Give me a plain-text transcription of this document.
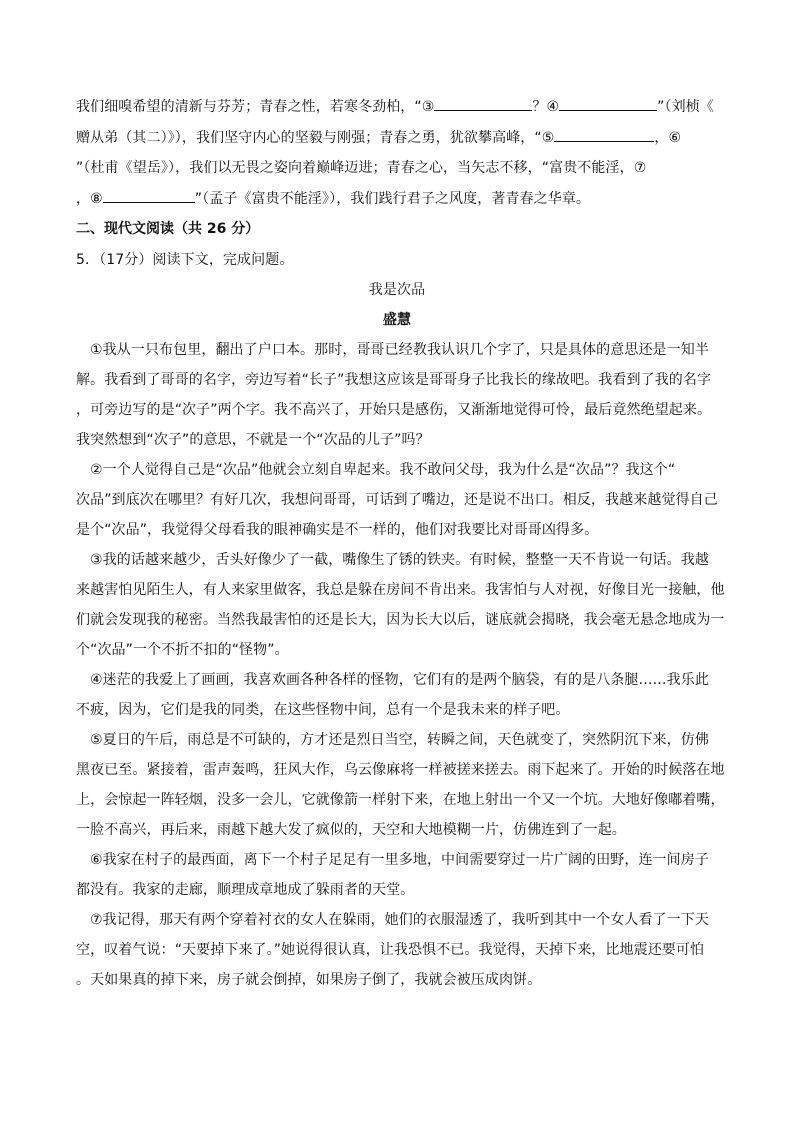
我们细嗅希望的清新与芬芳；青春之性，若寒冬劲柏，“③	？④	”（刘桢《
赠从弟（其二）》），我们坚守内心的坚毅与刚强；青春之勇，犹欲攀高峰，“⑤	，⑥
”（杜甫《望岳》），我们以无畏之姿向着巅峰迈进；青春之心，当矢志不移，“富贵不能淫，⑦
，⑧	”（孟子《富贵不能淫》），我们践行君子之风度，著青春之华章。
二、现代文阅读（共 26 分）
5．（17分）阅读下文，完成问题。
我是次品
盛慧
①我从一只布包里，翻出了户口本。那时，哥哥已经教我认识几个字了，只是具体的意思还是一知半
解。我看到了哥哥的名字，旁边写着“长子”我想这应该是哥哥身子比我长的缘故吧。我看到了我的名字
，可旁边写的是“次子”两个字。我不高兴了，开始只是感伤，又渐渐地觉得可怜，最后竟然绝望起来。
我突然想到“次子”的意思，不就是一个“次品的儿子”吗？
②一个人觉得自己是“次品”他就会立刻自卑起来。我不敢问父母，我为什么是“次品”？我这个“
次品”到底次在哪里？有好几次，我想问哥哥，可话到了嘴边，还是说不出口。相反，我越来越觉得自己
是个“次品”，我觉得父母看我的眼神确实是不一样的，他们对我要比对哥哥凶得多。
③我的话越来越少，舌头好像少了一截，嘴像生了锈的铁夹。有时候，整整一天不肯说一句话。我越
来越害怕见陌生人，有人来家里做客，我总是躲在房间不肯出来。我害怕与人对视，好像目光一接触，他
们就会发现我的秘密。当然我最害怕的还是长大，因为长大以后，谜底就会揭晓，我会毫无悬念地成为一
个“次品”一个不折不扣的“怪物”。
④迷茫的我爱上了画画，我喜欢画各种各样的怪物，它们有的是两个脑袋，有的是八条腿……我乐此
不疲，因为，它们是我的同类，在这些怪物中间，总有一个是我未来的样子吧。
⑤夏日的午后，雨总是不可缺的，方才还是烈日当空，转瞬之间，天色就变了，突然阴沉下来，仿佛
黑夜已至。紧接着，雷声轰鸣，狂风大作，乌云像麻将一样被搓来搓去。雨下起来了。开始的时候落在地
上，会惊起一阵轻烟，没多一会儿，它就像箭一样射下来，在地上射出一个又一个坑。大地好像嘟着嘴，
一脸不高兴，再后来，雨越下越大发了疯似的，天空和大地模糊一片，仿佛连到了一起。
⑥我家在村子的最西面，离下一个村子足足有一里多地，中间需要穿过一片广阔的田野，连一间房子
都没有。我家的走廊，顺理成章地成了躲雨者的天堂。
⑦我记得，那天有两个穿着衬衣的女人在躲雨，她们的衣服湿透了，我听到其中一个女人看了一下天
空，叹着气说：“天要掉下来了。”她说得很认真，让我恐惧不已。我觉得，天掉下来，比地震还要可怕
。天如果真的掉下来，房子就会倒掉，如果房子倒了，我就会被压成肉饼。
